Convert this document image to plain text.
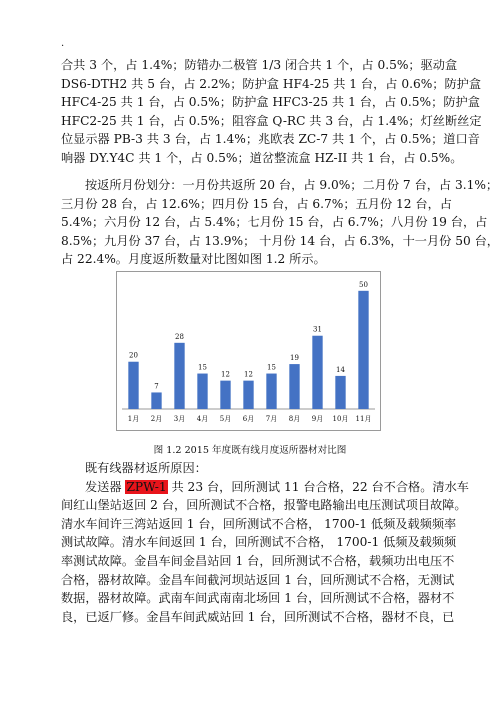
.
合共 3 个，占 1.4%；防错办二极管 1/3 闭合共 1 个，占 0.5%；驱动盒
DS6-DTH2 共 5 台，占 2.2%；防护盒 HF4-25 共 1 台，占 0.6%；防护盒
HFC4-25 共 1 台，占 0.5%；防护盒 HFC3-25 共 1 台，占 0.5%；防护盒
HFC2-25 共 1 台，占 0.5%；阻容盒 Q-RC 共 3 台，占 1.4%；灯丝断丝定
位显示器 PB-3 共 3 台，占 1.4%；兆欧表 ZC-7 共 1 个，占 0.5%；道口音
响器 DY.Y4C 共 1 个，占 0.5%；道岔整流盒 HZ-II 共 1 台，占 0.5%。
按返所月份划分：一月份共返所 20 台，占 9.0%；二月份 7 台，占 3.1%；
三月份 28 台，占 12.6%；四月份 15 台，占 6.7%；五月份 12 台，占
5.4%；六月份 12 台，占 5.4%；七月份 15 台，占 6.7%；八月份 19 台，占
8.5%；九月份 37 台，占 13.9%； 十月份 14 台，占 6.3%，十一月份 50 台，
占 22.4%。月度返所数量对比图如图 1.2 所示。
20
1月
7
2月
28
3月
15
4月
12
5月
12
6月
15
7月
19
8月
31
9月
14
10月
50
11月
图 1.2 2015 年度既有线月度返所器材对比图
既有线器材返所原因：
发送器 ZPW-1 共 23 台，回所测试 11 台合格，22 台不合格。清水车
间红山堡站返回 2 台，回所测试不合格，报警电路输出电压测试项目故障。
清水车间许三湾站返回 1 台，回所测试不合格， 1700-1 低频及载频频率
测试故障。清水车间返回 1 台，回所测试不合格， 1700-1 低频及载频频
率测试故障。金昌车间金昌站回 1 台，回所测试不合格，载频功出电压不
合格，器材故障。金昌车间截河坝站返回 1 台，回所测试不合格，无测试
数据，器材故障。武南车间武南南北场回 1 台，回所测试不合格，器材不
良，已返厂修。金昌车间武威站回 1 台，回所测试不合格，器材不良，已
